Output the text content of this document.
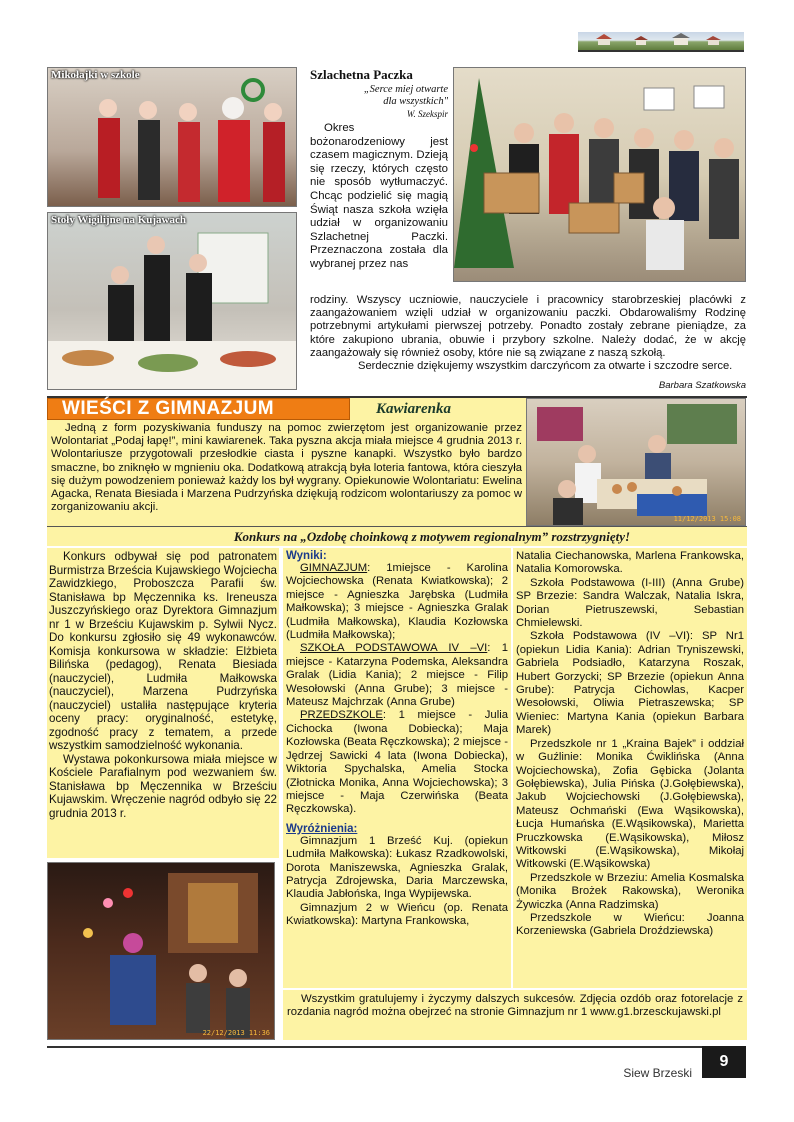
Mikołajki w szkole
Stoły Wigilijne na Kujawach
Szlachetna Paczka
„Serce miej otwarte
dla wszystkich"
W. Szekspir

Okres bożonarodzeniowy jest czasem magicznym. Dzieją się rzeczy, których często nie sposób wytłumaczyć. Chcąc podzielić się magią Świąt nasza szkoła wzięła udział w organizowaniu Szlachetnej Paczki. Przeznaczona została dla wybranej przez nas

rodziny. Wszyscy uczniowie, nauczyciele i pracownicy starobrzeskiej placówki z zaangażowaniem wzięli udział w organizowaniu paczki. Obdarowaliśmy Rodzinę potrzebnymi artykułami pierwszej potrzeby. Ponadto zostały zebrane pieniądze, za które zakupiono ubrania, obuwie i przybory szkolne. Należy dodać, że w akcję zaangażowały się również osoby, które nie są związane z naszą szkołą.

Serdecznie dziękujemy wszystkim darczyńcom za otwarte i szczodre serce.

Barbara Szatkowska
WIEŚCI Z GIMNAZJUM	Kawiarenka

Jedną z form pozyskiwania funduszy na pomoc zwierzętom jest organizowanie przez Wolontariat „Podaj łapę!”, mini kawiarenek. Taka pyszna akcja miała miejsce 4 grudnia 2013 r. Wolontariusze przygotowali przesłodkie ciasta i pyszne kanapki. Wszystko było bardzo smaczne, bo zniknęło w mgnieniu oka. Dodatkową atrakcją była loteria fantowa, która cieszyła się dużym powodzeniem ponieważ każdy los był wygrany. Opiekunowie Wolontariatu: Ewelina Agacka, Renata Biesiada i Marzena Pudrzyńska dziękują rodzicom wolontariuszy za pomoc w zorganizowaniu akcji.

11/12/2013 15:08
Konkurs na „Ozdobę choinkową z motywem regionalnym” rozstrzygnięty!

Konkurs odbywał się pod patronatem Burmistrza Brześcia Kujawskiego Wojciecha Zawidzkiego, Proboszcza Parafii św. Stanisława bp Męczennika ks. Ireneusza Juszczyńskiego oraz Dyrektora Gimnazjum nr 1 w Brześciu Kujawskim p. Sylwii Nycz. Do konkursu zgłosiło się 49 wykonawców. Komisja konkursowa w składzie: Elżbieta Bilińska (pedagog), Renata Biesiada (nauczyciel), Ludmiła Małkowska (nauczyciel), Marzena Pudrzyńska (nauczyciel) ustaliła następujące kryteria oceny pracy: oryginalność, estetykę, zgodność pracy z tematem, a przede wszystkim samodzielność wykonania.

Wystawa pokonkursowa miała miejsce w Kościele Parafialnym pod wezwaniem św. Stanisława bp Męczennika w Brześciu Kujawskim. Wręczenie nagród odbyło się 22 grudnia 2013 r.

22/12/2013 11:36
Wyniki:

GIMNAZJUM: 1miejsce - Karolina Wojciechowska (Renata Kwiatkowska); 2 miejsce - Agnieszka Jarębska (Ludmiła Małkowska); 3 miejsce - Agnieszka Gralak (Ludmiła Małkowska), Klaudia Kozłowska (Ludmiła Małkowska);

SZKOŁA PODSTAWOWA IV –VI: 1 miejsce - Katarzyna Podemska, Aleksandra Gralak (Lidia Kania); 2 miejsce - Filip Wesołowski (Anna Grube); 3 miejsce - Mateusz Majchrzak (Anna Grube)

PRZEDSZKOLE: 1 miejsce - Julia Cichocka (Iwona Dobiecka); Maja Kozłowska (Beata Ręczkowska); 2 miejsce - Jędrzej Sawicki 4 lata (Iwona Dobiecka), Wiktoria Spychalska, Amelia Stocka (Złotnicka Monika, Anna Wojciechowska); 3 miejsce - Maja Czerwińska (Beata Ręczkowska).

Wyróżnienia:

Gimnazjum 1 Brześć Kuj. (opiekun Ludmiła Małkowska): Łukasz Rzadkowolski, Dorota Maniszewska, Agnieszka Gralak, Patrycja Zdrojewska, Daria Marczewska, Klaudia Jabłońska, Inga Wypijewska.

Gimnazjum 2 w Wieńcu (op. Renata Kwiatkowska): Martyna Frankowska,

Natalia Ciechanowska, Marlena Frankowska, Natalia Komorowska.

Szkoła Podstawowa (I-III) (Anna Grube) SP Brzezie: Sandra Walczak, Natalia Iskra, Dorian Pietruszewski, Sebastian Chmielewski.

Szkoła Podstawowa (IV –VI): SP Nr1 (opiekun Lidia Kania): Adrian Tryniszewski, Gabriela Podsiadło, Katarzyna Roszak, Hubert Gorzycki; SP Brzezie (opiekun Anna Grube): Patrycja Cichowlas, Kacper Wesołowski, Oliwia Pietraszewska; SP Wieniec: Martyna Kania (opiekun Barbara Marek)

Przedszkole nr 1 „Kraina Bajek” i oddział w Guźlinie: Monika Ćwiklińska (Anna Wojciechowska), Zofia Gębicka (Jolanta Gołębiewska), Julia Pińska (J.Gołębiewska), Jakub Wojciechowski (J.Gołębiewska), Mateusz Ochmański (Ewa Wąsikowska), Łucja Humańska (E.Wąsikowska), Marietta Pruczkowska (E.Wąsikowska), Miłosz Witkowski (E.Wąsikowska), Mikołaj Witkowski (E.Wąsikowska)

Przedszkole w Brzeziu: Amelia Kosmalska (Monika Brożek Rakowska), Weronika Żywiczka (Anna Radzimska)

Przedszkole w Wieńcu: Joanna Korzeniewska (Gabriela Droździewska)

Wszystkim gratulujemy i życzymy dalszych sukcesów. Zdjęcia ozdób oraz fotorelacje z rozdania nagród można obejrzeć na stronie Gimnazjum nr 1 www.g1.brzesckujawski.pl

Siew Brzeski
9
